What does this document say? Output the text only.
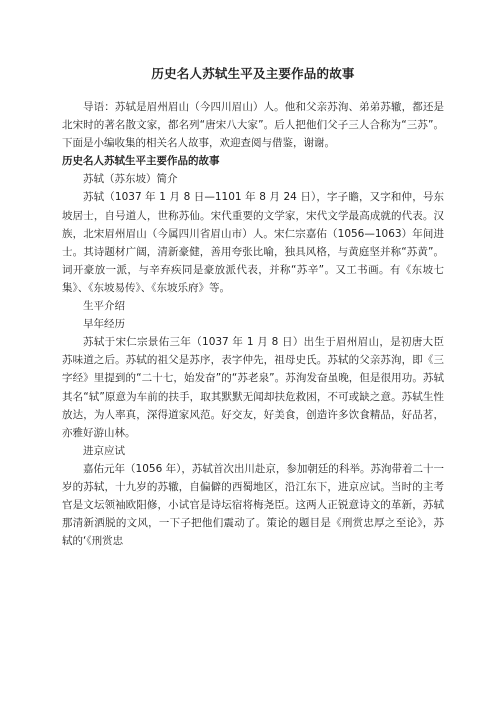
历史名人苏轼生平及主要作品的故事

导语：苏轼是眉州眉山（今四川眉山）人。他和父亲苏洵、弟弟苏辙，都还是北宋时的著名散文家，都名列“唐宋八大家”。后人把他们父子三人合称为“三苏”。下面是小编收集的相关名人故事，欢迎查阅与借鉴，谢谢。

历史名人苏轼生平主要作品的故事

苏轼（苏东坡）简介

苏轼（1037 年 1 月 8 日—1101 年 8 月 24 日），字子瞻，又字和仲，号东坡居士，自号道人，世称苏仙。宋代重要的文学家，宋代文学最高成就的代表。汉族，北宋眉州眉山（今属四川省眉山市）人。宋仁宗嘉佑（1056—1063）年间进士。其诗题材广阔，清新豪健，善用夸张比喻，独具风格，与黄庭坚并称“苏黄”。词开豪放一派，与辛弃疾同是豪放派代表，并称“苏辛”。又工书画。有《东坡七集》、《东坡易传》、《东坡乐府》等。

生平介绍

早年经历

苏轼于宋仁宗景佑三年（1037 年 1 月 8 日）出生于眉州眉山，是初唐大臣苏味道之后。苏轼的祖父是苏序，表字仲先，祖母史氏。苏轼的父亲苏洵，即《三字经》里提到的“二十七，始发奋”的“苏老泉”。苏洵发奋虽晚，但是很用功。苏轼其名“轼”原意为车前的扶手，取其默默无闻却扶危救困，不可或缺之意。苏轼生性放达，为人率真，深得道家风范。好交友，好美食，创造许多饮食精品，好品茗，亦雅好游山林。

进京应试

嘉佑元年（1056 年），苏轼首次出川赴京，参加朝廷的科举。苏洵带着二十一岁的苏轼，十九岁的苏辙，自偏僻的西蜀地区，沿江东下，进京应试。当时的主考官是文坛领袖欧阳修，小试官是诗坛宿将梅尧臣。这两人正锐意诗文的革新，苏轼那清新洒脱的文风，一下子把他们震动了。策论的题目是《刑赏忠厚之至论》，苏轼的‘《刑赏忠
